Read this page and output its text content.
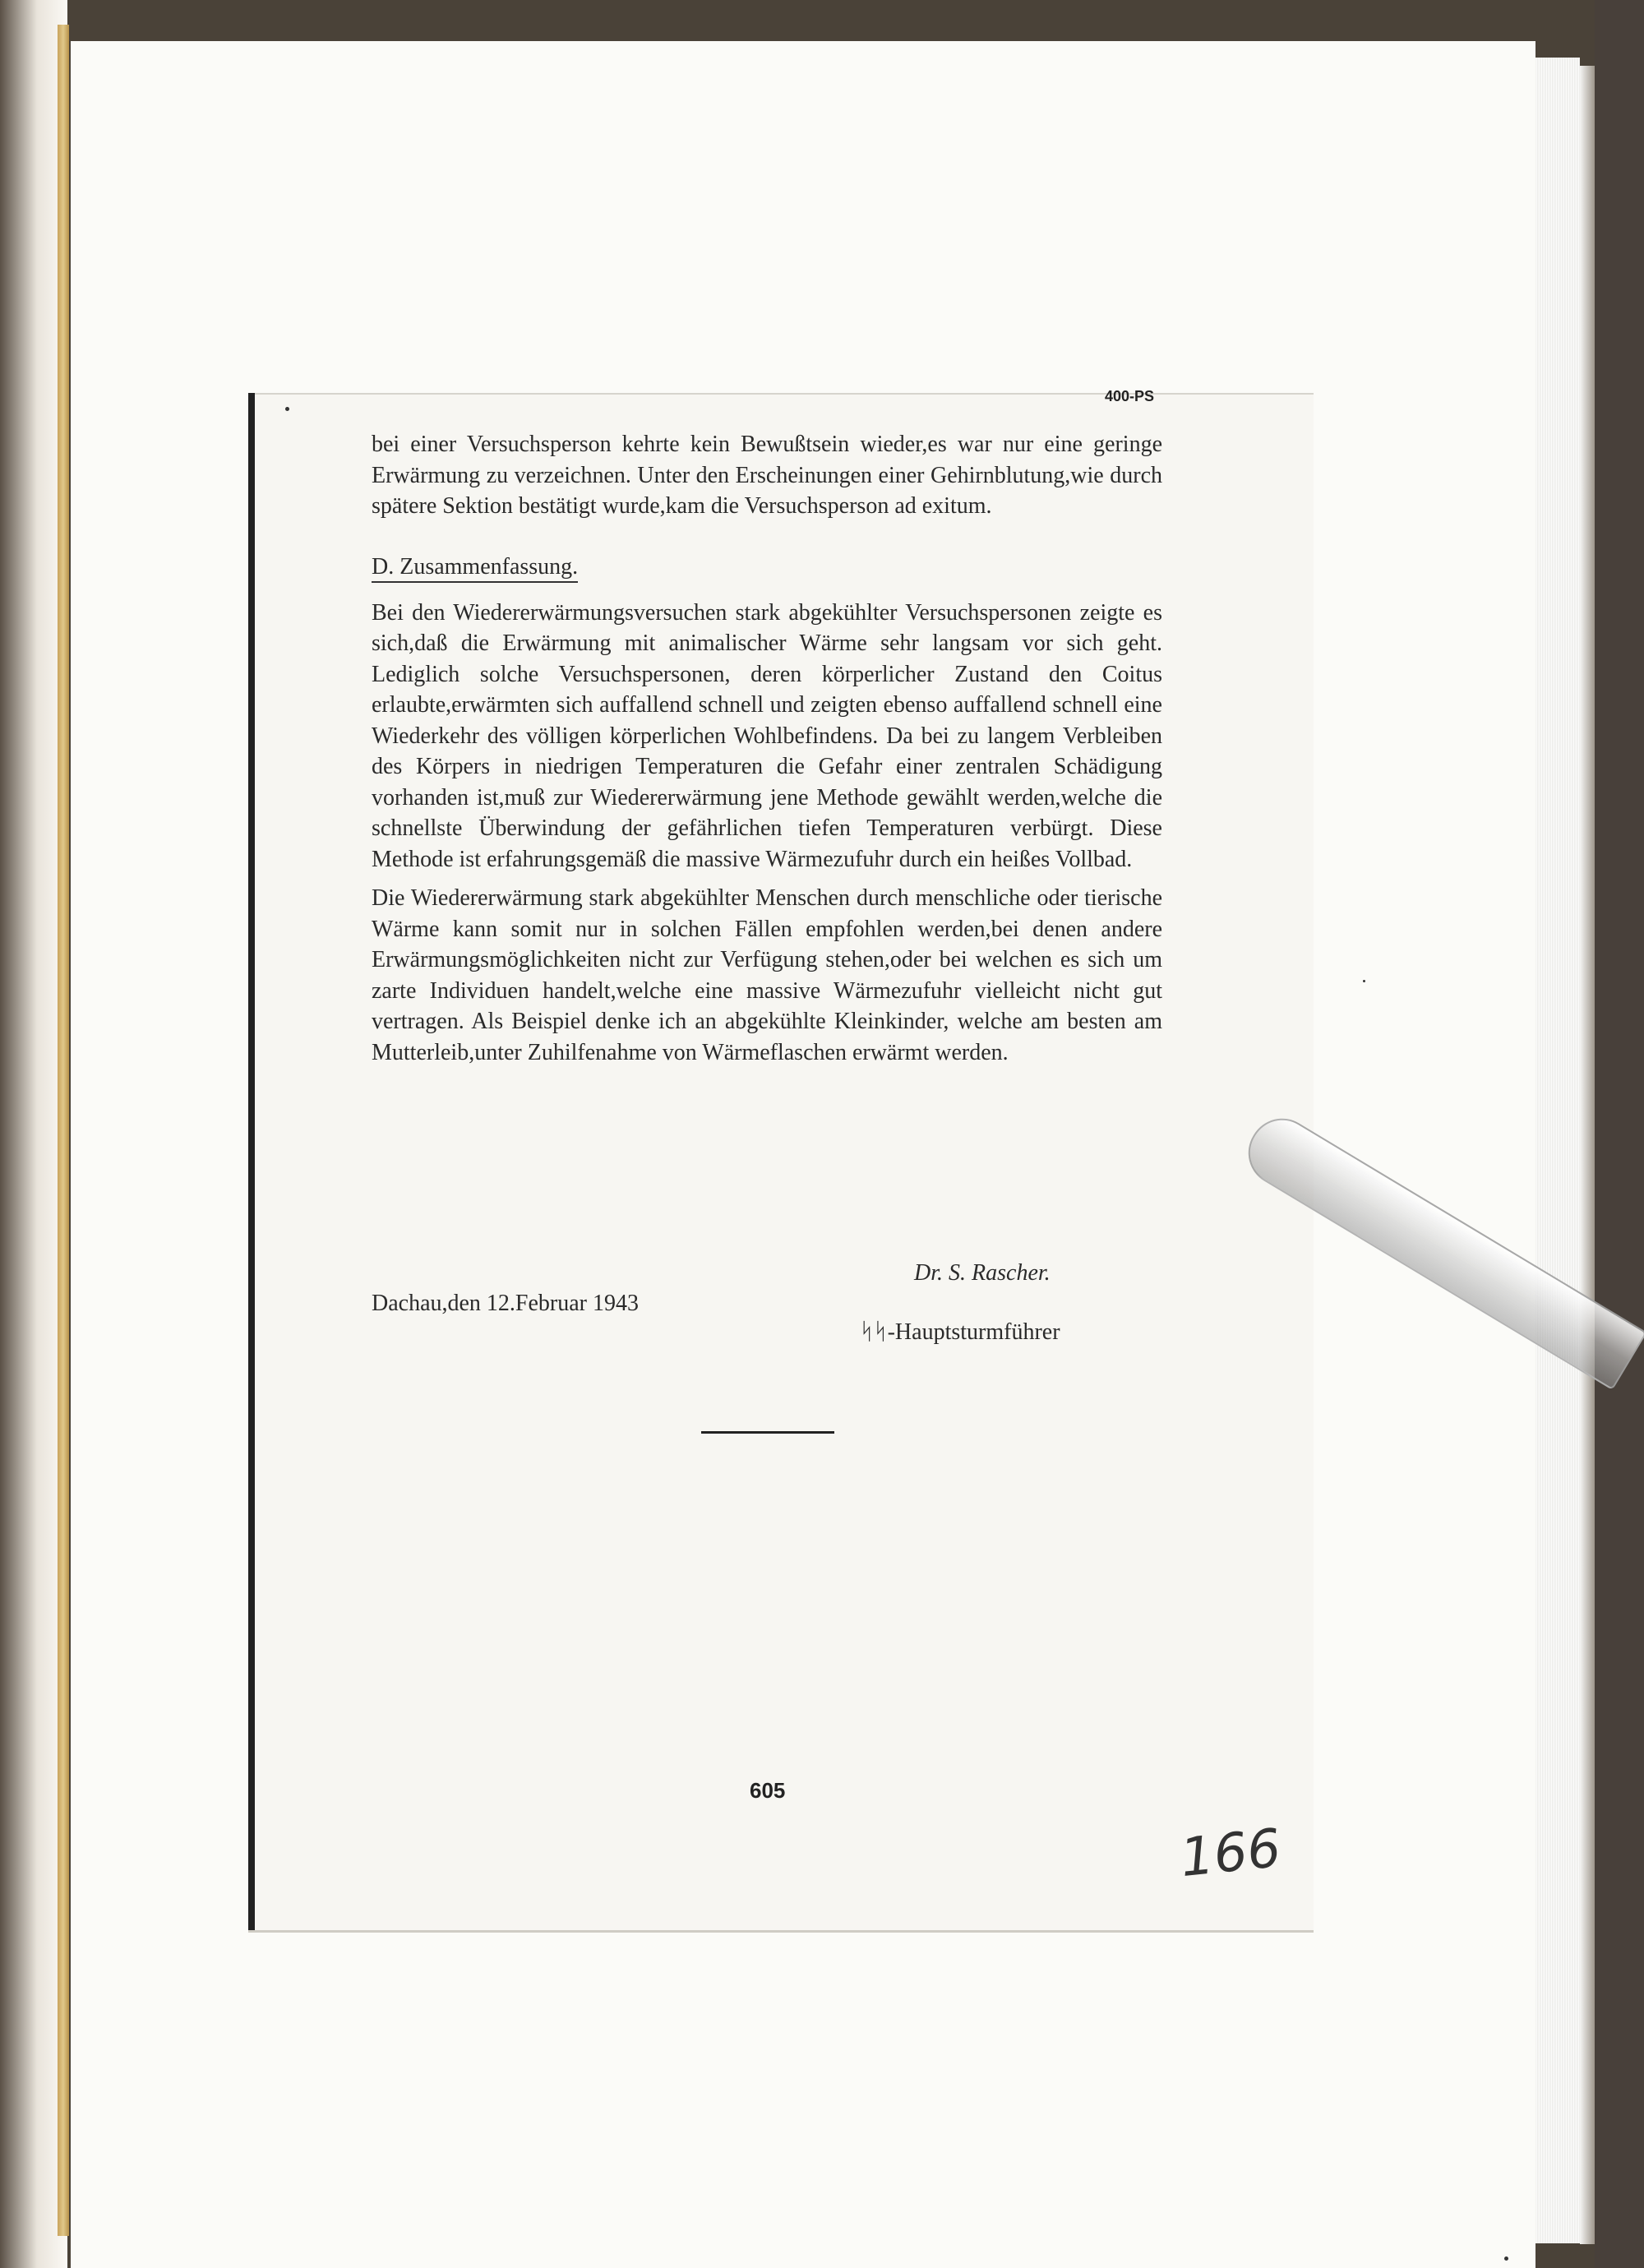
400-PS

bei einer Versuchsperson kehrte kein Bewußtsein wieder,es war nur eine geringe Erwärmung zu verzeichnen. Unter den Erscheinungen einer Gehirnblutung,wie durch spätere Sektion bestätigt wurde,kam die Versuchsperson ad exitum.

D. Zusammenfassung.

Bei den Wiedererwärmungsversuchen stark abgekühlter Versuchspersonen zeigte es sich,daß die Erwärmung mit animalischer Wärme sehr langsam vor sich geht. Lediglich solche Versuchspersonen, deren körperlicher Zustand den Coitus erlaubte,erwärmten sich auffallend schnell und zeigten ebenso auffallend schnell eine Wiederkehr des völligen körperlichen Wohlbefindens. Da bei zu langem Verbleiben des Körpers in niedrigen Temperaturen die Gefahr einer zentralen Schädigung vorhanden ist,muß zur Wiedererwärmung jene Methode gewählt werden,welche die schnellste Überwindung der gefährlichen tiefen Temperaturen verbürgt. Diese Methode ist erfahrungsgemäß die massive Wärmezufuhr durch ein heißes Vollbad.

Die Wiedererwärmung stark abgekühlter Menschen durch menschliche oder tierische Wärme kann somit nur in solchen Fällen empfohlen werden,bei denen andere Erwärmungsmöglichkeiten nicht zur Verfügung stehen,oder bei welchen es sich um zarte Individuen handelt,welche eine massive Wärmezufuhr vielleicht nicht gut vertragen. Als Beispiel denke ich an abgekühlte Kleinkinder, welche am besten am Mutterleib,unter Zuhilfenahme von Wärmeflaschen erwärmt werden.

Dr. S. Rascher.
Dachau,den 12.Februar 1943
ᛋᛋ-Hauptsturmführer
605
166
